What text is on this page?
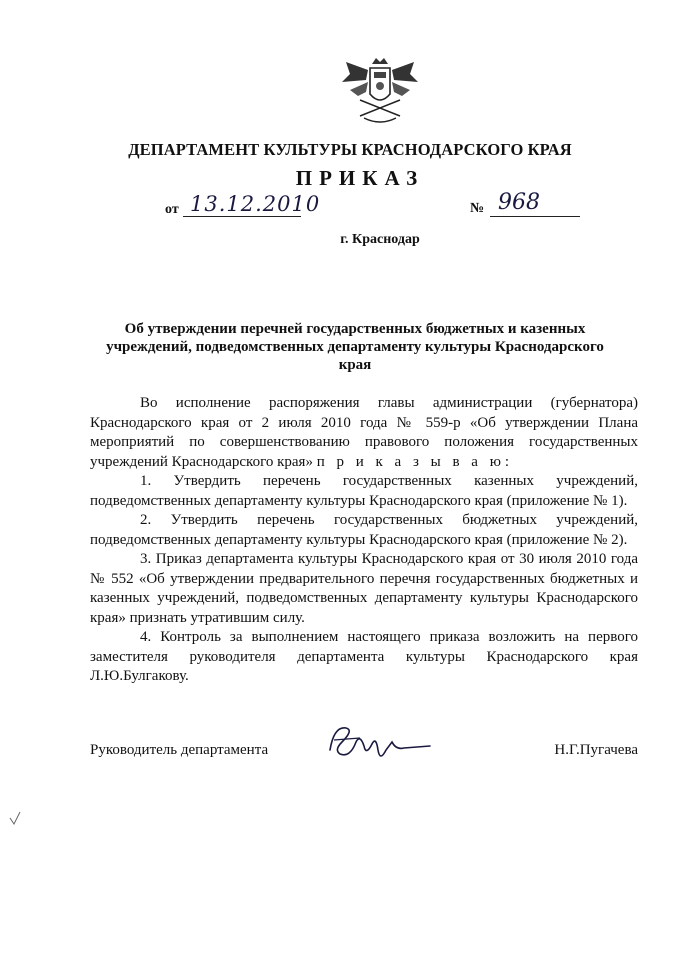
ДЕПАРТАМЕНТ КУЛЬТУРЫ КРАСНОДАРСКОГО КРАЯ
ПРИКАЗ
от 13.12.2010	№ 968
г. Краснодар
Об утверждении перечней государственных бюджетных и казенных учреждений, подведомственных департаменту культуры Краснодарского края

Во исполнение распоряжения главы администрации (губернатора) Краснодарского края от 2 июля 2010 года № 559-р «Об утверждении Плана мероприятий по совершенствованию правового положения государственных учреждений Краснодарского края» п р и к а з ы в а ю:

1. Утвердить перечень государственных казенных учреждений, подведомственных департаменту культуры Краснодарского края (приложение № 1).

2. Утвердить перечень государственных бюджетных учреждений, подведомственных департаменту культуры Краснодарского края (приложение № 2).

3. Приказ департамента культуры Краснодарского края от 30 июля 2010 года № 552 «Об утверждении предварительного перечня государственных бюджетных и казенных учреждений, подведомственных департаменту культуры Краснодарского края» признать утратившим силу.

4. Контроль за выполнением настоящего приказа возложить на первого заместителя руководителя департамента культуры Краснодарского края Л.Ю.Булгакову.

Руководитель департамента	Н.Г.Пугачева
